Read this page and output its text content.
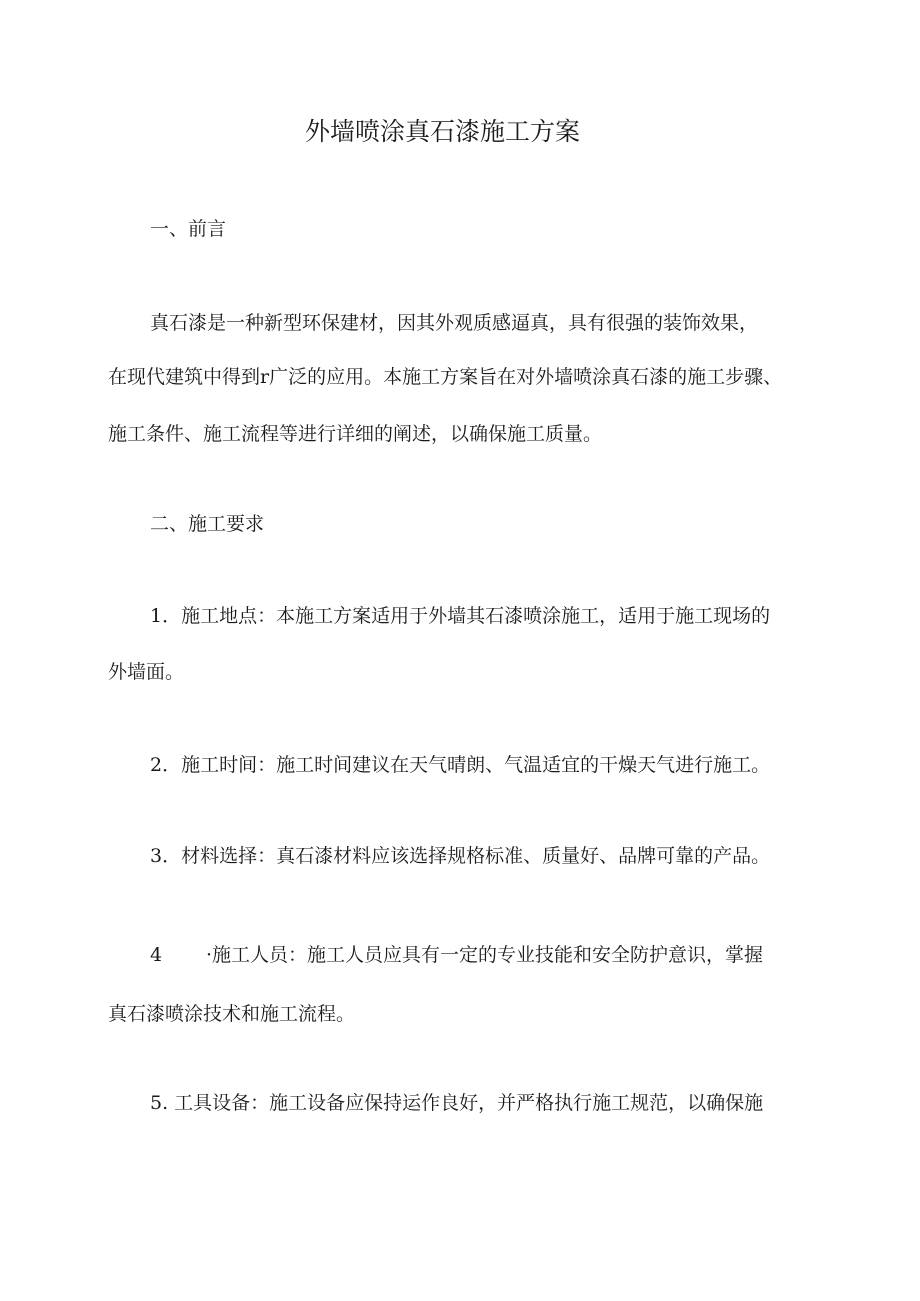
外墙喷涂真石漆施工方案
一、前言
真石漆是一种新型环保建材，因其外观质感逼真，具有很强的装饰效果，
在现代建筑中得到r广泛的应用。本施工方案旨在对外墙喷涂真石漆的施工步骤、
施工条件、施工流程等进行详细的阐述，以确保施工质量。
二、施工要求
1．施工地点：本施工方案适用于外墙其石漆喷涂施工，适用于施工现场的
外墙面。
2．施工时间：施工时间建议在天气晴朗、气温适宜的干燥天气进行施工。
3．材料选择：真石漆材料应该选择规格标准、质量好、品牌可靠的产品。
4 ·施工人员：施工人员应具有一定的专业技能和安全防护意识，掌握
真石漆喷涂技术和施工流程。
5. 工具设备：施工设备应保持运作良好，并严格执行施工规范，以确保施
